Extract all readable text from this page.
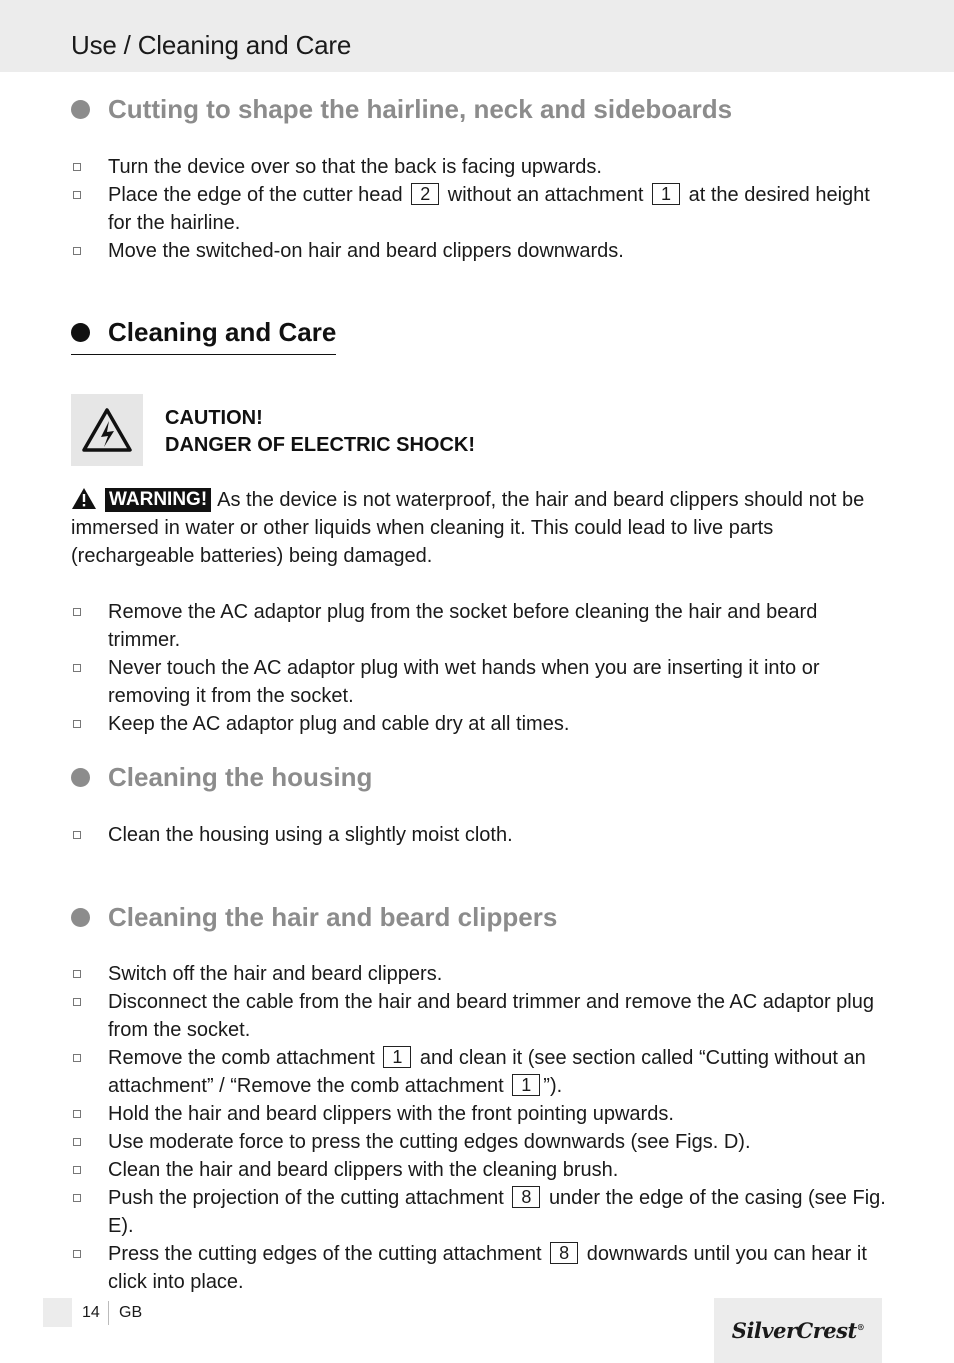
Use / Cleaning and Care
Cutting to shape the hairline, neck and sideboards
Turn the device over so that the back is facing upwards.
Place the edge of the cutter head 2 without an attachment 1 at the desired height for the hairline.
Move the switched-on hair and beard clippers downwards.
Cleaning and Care
CAUTION!
DANGER OF ELECTRIC SHOCK!
WARNING! As the device is not waterproof, the hair and beard clippers should not be immersed in water or other liquids when cleaning it. This could lead to live parts (rechargeable batteries) being damaged.
Remove the AC adaptor plug from the socket before cleaning the hair and beard trimmer.
Never touch the AC adaptor plug with wet hands when you are inserting it into or removing it from the socket.
Keep the AC adaptor plug and cable dry at all times.
Cleaning the housing
Clean the housing using a slightly moist cloth.
Cleaning the hair and beard clippers
Switch off the hair and beard clippers.
Disconnect the cable from the hair and beard trimmer and remove the AC adaptor plug from the socket.
Remove the comb attachment 1 and clean it (see section called “Cutting without an attachment” / “Remove the comb attachment 1 ”).
Hold the hair and beard clippers with the front pointing upwards.
Use moderate force to press the cutting edges downwards (see Figs. D).
Clean the hair and beard clippers with the cleaning brush.
Push the projection of the cutting attachment 8 under the edge of the casing (see Fig. E).
Press the cutting edges of the cutting attachment 8 downwards until you can hear it click into place.
14 GB
SilverCrest®
